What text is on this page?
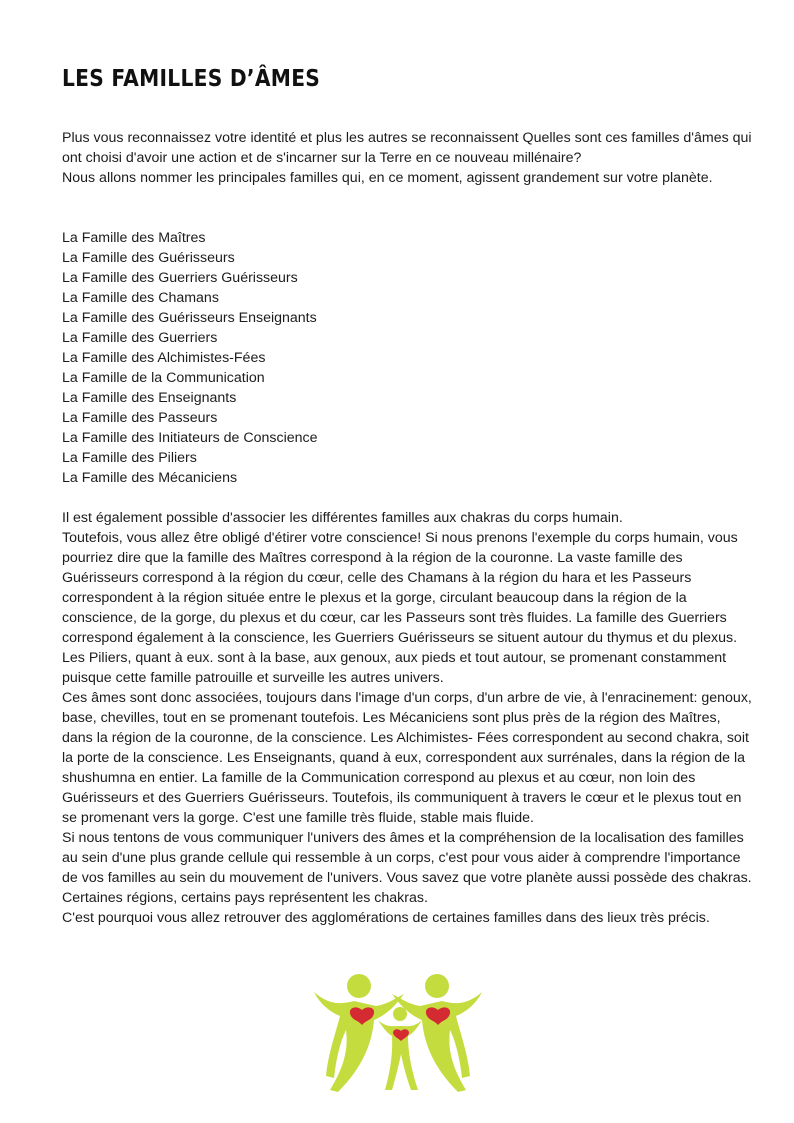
LES FAMILLES D’ÂMES
Plus vous reconnaissez votre identité et plus les autres se reconnaissent Quelles sont ces familles d'âmes qui ont choisi d'avoir une action et de s'incarner sur la Terre en ce nouveau millénaire?
Nous allons nommer les principales familles qui, en ce moment, agissent grandement sur votre planète.
La Famille des Maîtres
La Famille des Guérisseurs
La Famille des Guerriers Guérisseurs
La Famille des Chamans
La Famille des Guérisseurs Enseignants
La Famille des Guerriers
La Famille des Alchimistes-Fées
La Famille de la Communication
La Famille des Enseignants
La Famille des Passeurs
La Famille des Initiateurs de Conscience
La Famille des Piliers
La Famille des Mécaniciens

Il est également possible d'associer les différentes familles aux chakras du corps humain.

Toutefois, vous allez être obligé d'étirer votre conscience! Si nous prenons l'exemple du corps humain, vous pourriez dire que la famille des Maîtres correspond à la région de la couronne. La vaste famille des Guérisseurs correspond à la région du cœur, celle des Chamans à la région du hara et les Passeurs correspondent à la région située entre le plexus et la gorge, circulant beaucoup dans la région de la conscience, de la gorge, du plexus et du cœur, car les Passeurs sont très fluides. La famille des Guerriers correspond également à la conscience, les Guerriers Guérisseurs se situent autour du thymus et du plexus. Les Piliers, quant à eux. sont à la base, aux genoux, aux pieds et tout autour, se promenant constamment puisque cette famille patrouille et surveille les autres univers.

Ces âmes sont donc associées, toujours dans l'image d'un corps, d'un arbre de vie, à l'enracinement: genoux, base, chevilles, tout en se promenant toutefois. Les Mécaniciens sont plus près de la région des Maîtres, dans la région de la couronne, de la conscience. Les Alchimistes- Fées correspondent au second chakra, soit la porte de la conscience. Les Enseignants, quand à eux, correspondent aux surrénales, dans la région de la shushumna en entier. La famille de la Communication correspond au plexus et au cœur, non loin des Guérisseurs et des Guerriers Guérisseurs. Toutefois, ils communiquent à travers le cœur et le plexus tout en se promenant vers la gorge. C'est une famille très fluide, stable mais fluide.

Si nous tentons de vous communiquer l'univers des âmes et la compréhension de la localisation des familles au sein d'une plus grande cellule qui ressemble à un corps, c'est pour vous aider à comprendre l'importance de vos familles au sein du mouvement de l'univers. Vous savez que votre planète aussi possède des chakras. Certaines régions, certains pays représentent les chakras.

C'est pourquoi vous allez retrouver des agglomérations de certaines familles dans des lieux très précis.
